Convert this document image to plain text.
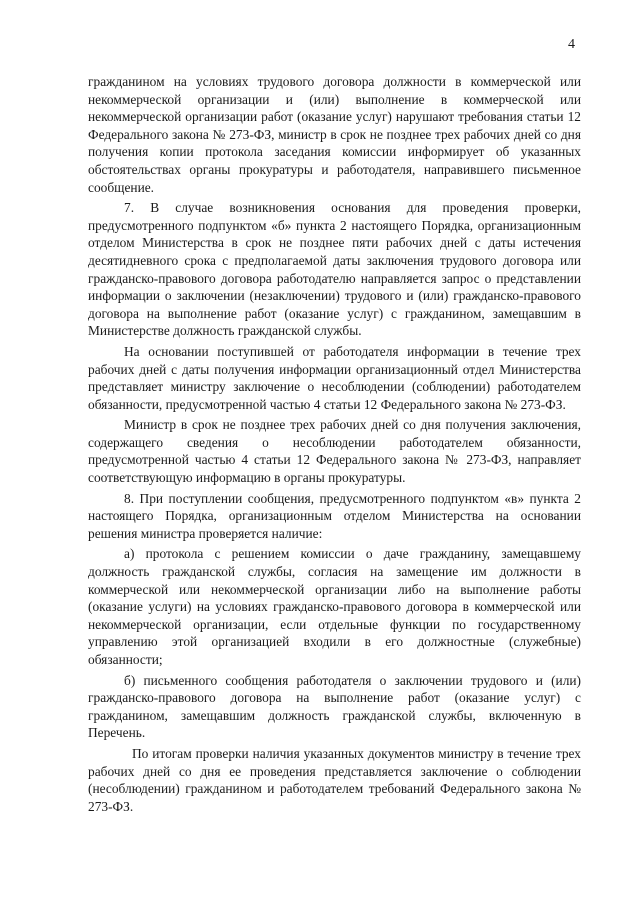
4

гражданином на условиях трудового договора должности в коммерческой или некоммерческой организации и (или) выполнение в коммерческой или некоммерческой организации работ (оказание услуг) нарушают требования статьи 12 Федерального закона № 273-ФЗ, министр в срок не позднее трех рабочих дней со дня получения копии протокола заседания комиссии информирует об указанных обстоятельствах органы прокуратуры и работодателя, направившего письменное сообщение.

7. В случае возникновения основания для проведения проверки, предусмотренного подпунктом «б» пункта 2 настоящего Порядка, организационным отделом Министерства в срок не позднее пяти рабочих дней с даты истечения десятидневного срока с предполагаемой даты заключения трудового договора или гражданско-правового договора работодателю направляется запрос о представлении информации о заключении (незаключении) трудового и (или) гражданско-правового договора на выполнение работ (оказание услуг) с гражданином, замещавшим в Министерстве должность гражданской службы.

На основании поступившей от работодателя информации в течение трех рабочих дней с даты получения информации организационный отдел Министерства представляет министру заключение о несоблюдении (соблюдении) работодателем обязанности, предусмотренной частью 4 статьи 12 Федерального закона № 273-ФЗ.

Министр в срок не позднее трех рабочих дней со дня получения заключения, содержащего сведения о несоблюдении работодателем обязанности, предусмотренной частью 4 статьи 12 Федерального закона № 273-ФЗ, направляет соответствующую информацию в органы прокуратуры.

8. При поступлении сообщения, предусмотренного подпунктом «в» пункта 2 настоящего Порядка, организационным отделом Министерства на основании решения министра проверяется наличие:

а) протокола с решением комиссии о даче гражданину, замещавшему должность гражданской службы, согласия на замещение им должности в коммерческой или некоммерческой организации либо на выполнение работы (оказание услуги) на условиях гражданско-правового договора в коммерческой или некоммерческой организации, если отдельные функции по государственному управлению этой организацией входили в его должностные (служебные) обязанности;

б) письменного сообщения работодателя о заключении трудового и (или) гражданско-правового договора на выполнение работ (оказание услуг) с гражданином, замещавшим должность гражданской службы, включенную в Перечень.

По итогам проверки наличия указанных документов министру в течение трех рабочих дней со дня ее проведения представляется заключение о соблюдении (несоблюдении) гражданином и работодателем требований Федерального закона № 273-ФЗ.
